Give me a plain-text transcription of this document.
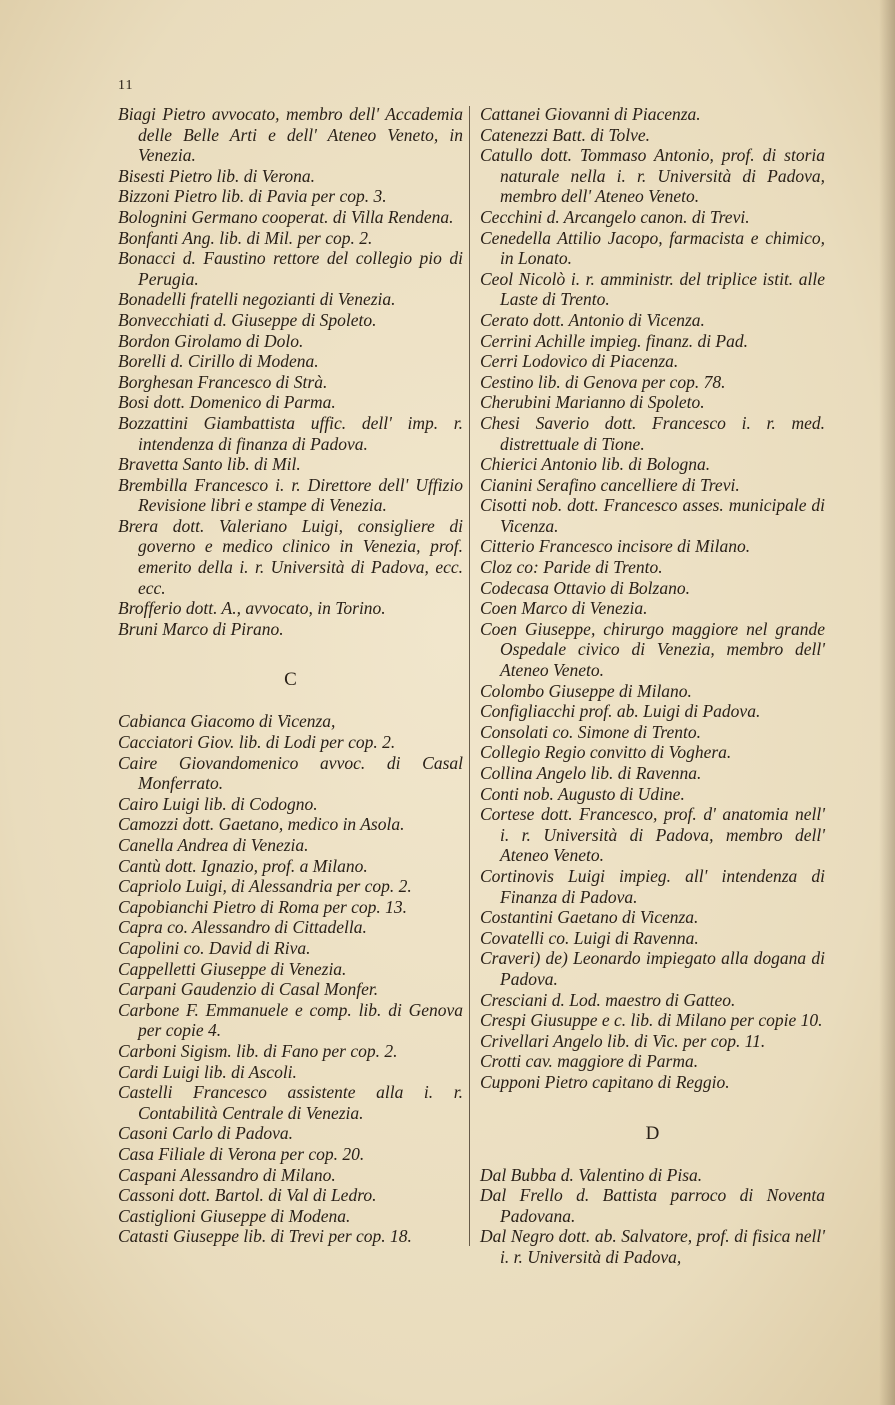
11

Biagi Pietro avvocato, membro dell' Accademia delle Belle Arti e dell' Ateneo Veneto, in Venezia.

Bisesti Pietro lib. di Verona.

Bizzoni Pietro lib. di Pavia per cop. 3.

Bolognini Germano cooperat. di Villa Rendena.

Bonfanti Ang. lib. di Mil. per cop. 2.

Bonacci d. Faustino rettore del collegio pio di Perugia.

Bonadelli fratelli negozianti di Venezia.

Bonvecchiati d. Giuseppe di Spoleto.

Bordon Girolamo di Dolo.

Borelli d. Cirillo di Modena.

Borghesan Francesco di Strà.

Bosi dott. Domenico di Parma.

Bozzattini Giambattista uffic. dell' imp. r. intendenza di finanza di Padova.

Bravetta Santo lib. di Mil.

Brembilla Francesco i. r. Direttore dell' Uffizio Revisione libri e stampe di Venezia.

Brera dott. Valeriano Luigi, consigliere di governo e medico clinico in Venezia, prof. emerito della i. r. Università di Padova, ecc. ecc.

Brofferio dott. A., avvocato, in Torino.

Bruni Marco di Pirano.

C

Cabianca Giacomo di Vicenza,

Cacciatori Giov. lib. di Lodi per cop. 2.

Caire Giovandomenico avvoc. di Casal Monferrato.

Cairo Luigi lib. di Codogno.

Camozzi dott. Gaetano, medico in Asola.

Canella Andrea di Venezia.

Cantù dott. Ignazio, prof. a Milano.

Capriolo Luigi, di Alessandria per cop. 2.

Capobianchi Pietro di Roma per cop. 13.

Capra co. Alessandro di Cittadella.

Capolini co. David di Riva.

Cappelletti Giuseppe di Venezia.

Carpani Gaudenzio di Casal Monfer.

Carbone F. Emmanuele e comp. lib. di Genova per copie 4.

Carboni Sigism. lib. di Fano per cop. 2.

Cardi Luigi lib. di Ascoli.

Castelli Francesco assistente alla i. r. Contabilità Centrale di Venezia.

Casoni Carlo di Padova.

Casa Filiale di Verona per cop. 20.

Caspani Alessandro di Milano.

Cassoni dott. Bartol. di Val di Ledro.

Castiglioni Giuseppe di Modena.

Catasti Giuseppe lib. di Trevi per cop. 18.

Cattanei Giovanni di Piacenza.

Catenezzi Batt. di Tolve.

Catullo dott. Tommaso Antonio, prof. di storia naturale nella i. r. Università di Padova, membro dell' Ateneo Veneto.

Cecchini d. Arcangelo canon. di Trevi.

Cenedella Attilio Jacopo, farmacista e chimico, in Lonato.

Ceol Nicolò i. r. amministr. del triplice istit. alle Laste di Trento.

Cerato dott. Antonio di Vicenza.

Cerrini Achille impieg. finanz. di Pad.

Cerri Lodovico di Piacenza.

Cestino lib. di Genova per cop. 78.

Cherubini Marianno di Spoleto.

Chesi Saverio dott. Francesco i. r. med. distrettuale di Tione.

Chierici Antonio lib. di Bologna.

Cianini Serafino cancelliere di Trevi.

Cisotti nob. dott. Francesco asses. municipale di Vicenza.

Citterio Francesco incisore di Milano.

Cloz co: Paride di Trento.

Codecasa Ottavio di Bolzano.

Coen Marco di Venezia.

Coen Giuseppe, chirurgo maggiore nel grande Ospedale civico di Venezia, membro dell' Ateneo Veneto.

Colombo Giuseppe di Milano.

Configliacchi prof. ab. Luigi di Padova.

Consolati co. Simone di Trento.

Collegio Regio convitto di Voghera.

Collina Angelo lib. di Ravenna.

Conti nob. Augusto di Udine.

Cortese dott. Francesco, prof. d' anatomia nell' i. r. Università di Padova, membro dell' Ateneo Veneto.

Cortinovis Luigi impieg. all' intendenza di Finanza di Padova.

Costantini Gaetano di Vicenza.

Covatelli co. Luigi di Ravenna.

Craveri) de) Leonardo impiegato alla dogana di Padova.

Cresciani d. Lod. maestro di Gatteo.

Crespi Giusuppe e c. lib. di Milano per copie 10.

Crivellari Angelo lib. di Vic. per cop. 11.

Crotti cav. maggiore di Parma.

Cupponi Pietro capitano di Reggio.

D

Dal Bubba d. Valentino di Pisa.

Dal Frello d. Battista parroco di Noventa Padovana.

Dal Negro dott. ab. Salvatore, prof. di fisica nell' i. r. Università di Padova,
